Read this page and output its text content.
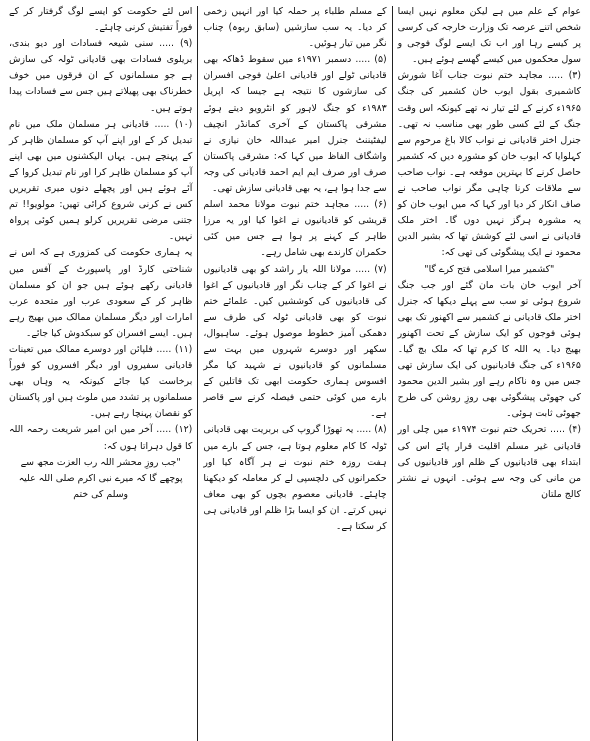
اس لئے حکومت کو ایسے لوگ گرفتار کر کے فوراً تفتیش کرنی چاہئے۔

(۹) ..... سنی شیعہ فسادات اور دیو بندی، بریلوی فسادات بھی قادیانی ٹولہ کی سازش ہے جو مسلمانوں کے ان فرقوں میں خوف خطرناک بھی پھیلاتے ہیں جس سے فسادات پیدا ہوتے ہیں۔

(۱۰) ..... قادیانی ہر مسلمان ملک میں نام تبدیل کر کے اور اپنے آپ کو مسلمان ظاہر کر کے پہنچے ہیں۔ یہاں الیکشنوں میں بھی اپنے آپ کو مسلمان ظاہر کرا اور نام تبدیل کروا کے آئے ہوئے ہیں اور پچھلے دنوں میری تقریریں کس نے کرنی شروع کرائی تھیں: مولویو!! تم جتنی مرضی تقریریں کرلو ہمیں کوئی پرواہ نہیں۔

یہ ہماری حکومت کی کمزوری ہے کہ اس نے شناختی کارڈ اور پاسپورٹ کے آفس میں قادیانی رکھے ہوئے ہیں جو ان کو مسلمان ظاہر کر کے سعودی عرب اور متحدہ عرب امارات اور دیگر مسلمان ممالک میں بھیج رہے ہیں۔ ایسے افسران کو سبکدوش کیا جائے۔

(۱۱) ..... فلپائن اور دوسرے ممالک میں تعینات قادیانی سفیروں اور دیگر افسروں کو فوراً برخاست کیا جائے کیونکہ یہ وہاں بھی مسلمانوں پر تشدد میں ملوث ہیں اور پاکستان کو نقصان پہنچا رہے ہیں۔

(۱۲) ..... آخر میں ابن امیر شریعت رحمہ اللہ کا قول دہراتا ہوں کہ:

"جب روزِ محشر اللہ رب العزت مجھ سے پوچھے گا کہ میرے نبی اکرم صلی اللہ علیہ وسلم کی ختم

کے مسلم طلباء پر حملہ کیا اور انہیں زخمی کر دیا۔ یہ سب سازشیں (سابق ربوہ) چناب نگر میں تیار ہوئیں۔

(۵) ..... دسمبر ۱۹۷۱ء میں سقوط ڈھاکہ بھی قادیانی ٹولے اور قادیانی اعلیٰ فوجی افسران کی سازشوں کا نتیجہ ہے جیسا کہ اپریل ۱۹۸۳ء کو جنگ لاہور کو انٹرویو دیتے ہوئے مشرقی پاکستان کے آخری کمانڈر انچیف لیفٹیننٹ جنرل امیر عبداللہ خان نیازی نے واشگاف الفاظ میں کہا کہ: مشرقی پاکستان صرف اور صرف ایم ایم احمد قادیانی کی وجہ سے جدا ہوا ہے، یہ بھی قادیانی سازش تھی۔

(۶) ..... مجاہد ختم نبوت مولانا محمد اسلم قریشی کو قادیانیوں نے اغوا کیا اور یہ مرزا طاہر کے کہنے پر ہوا ہے جس میں کئی حکمران کارندے بھی شامل رہے۔

(۷) ..... مولانا اللہ یار راشد کو بھی قادیانیوں نے اغوا کر کے چناب نگر اور قادیانیوں کے اغوا کی قادیانیوں کی کوششیں کیں۔ علمائے ختم نبوت کو بھی قادیانی ٹولہ کی طرف سے دھمکی آمیز خطوط موصول ہوئے۔ ساہیوال، سکھر اور دوسرے شہروں میں بہت سے مسلمانوں کو قادیانیوں نے شہید کیا مگر افسوس ہماری حکومت ابھی تک قاتلین کے بارے میں کوئی حتمی فیصلہ کرنے سے قاصر ہے۔

(۸) ..... یہ تھوڑا گروپ کی بربریت بھی قادیانی ٹولہ کا کام معلوم ہوتا ہے، جس کے بارے میں ہفت روزہ ختم نبوت نے ہر آگاہ کیا اور حکمرانوں کی دلچسپی لے کر معاملہ کو دیکھنا چاہئے۔ قادیانی معصوم بچوں کو بھی معاف نہیں کرتے۔ ان کو ایسا بڑا ظلم اور قادیانی ہی کر سکتا ہے۔

عوام کے علم میں ہے لیکن معلوم نہیں ایسا شخص اتنے عرصہ تک وزارت خارجہ کی کرسی پر کیسے رہا اور اب تک ایسے لوگ فوجی و سول محکموں میں کیسے گھسے ہوئے ہیں۔

(۳) ..... مجاہد ختم نبوت جناب آغا شورش کاشمیری بقول ایوب خان کشمیر کی جنگ ۱۹۶۵ء کرنے کے لئے تیار نہ تھے کیونکہ اس وقت جنگ کے لئے کسی طور بھی مناسب نہ تھی۔ جنرل اختر قادیانی نے نواب کالا باغ مرحوم سے کہلوایا کہ ایوب خان کو مشورہ دیں کہ کشمیر حاصل کرنے کا بہترین موقعہ ہے۔ نواب صاحب سے ملاقات کرنا چاہی مگر نواب صاحب نے صاف انکار کر دیا اور کہا کہ میں ایوب خان کو یہ مشورہ ہرگز نہیں دوں گا۔ اختر ملک قادیانی نے اسی لئے کوشش تھا کہ بشیر الدین محمود نے ایک پیشگوئی کی تھی کہ:

"کشمیر میرا اسلامی فتح کرے گا"

آخر ایوب خان بات مان گئے اور جب جنگ شروع ہوئی تو سب سے پہلے دیکھا کہ جنرل اختر ملک قادیانی نے کشمیر سے اکھنور تک بھی ہوئی فوجوں کو ایک سازش کے تحت اکھنور بھیج دیا۔ یہ اللہ کا کرم تھا کہ ملک بچ گیا۔ ۱۹۶۵ء کی جنگ قادیانیوں کی ایک سازش تھی جس میں وہ ناکام رہے اور بشیر الدین محمود کی جھوٹی پیشگوئی بھی روزِ روشن کی طرح جھوٹی ثابت ہوئی۔

(۴) ..... تحریک ختم نبوت ۱۹۷۴ء میں چلی اور قادیانی غیر مسلم اقلیت قرار پائے اس کی ابتداء بھی قادیانیوں کے ظلم اور قادیانیوں کی من مانی کی وجہ سے ہوئی۔ انہوں نے نشتر کالج ملتان
